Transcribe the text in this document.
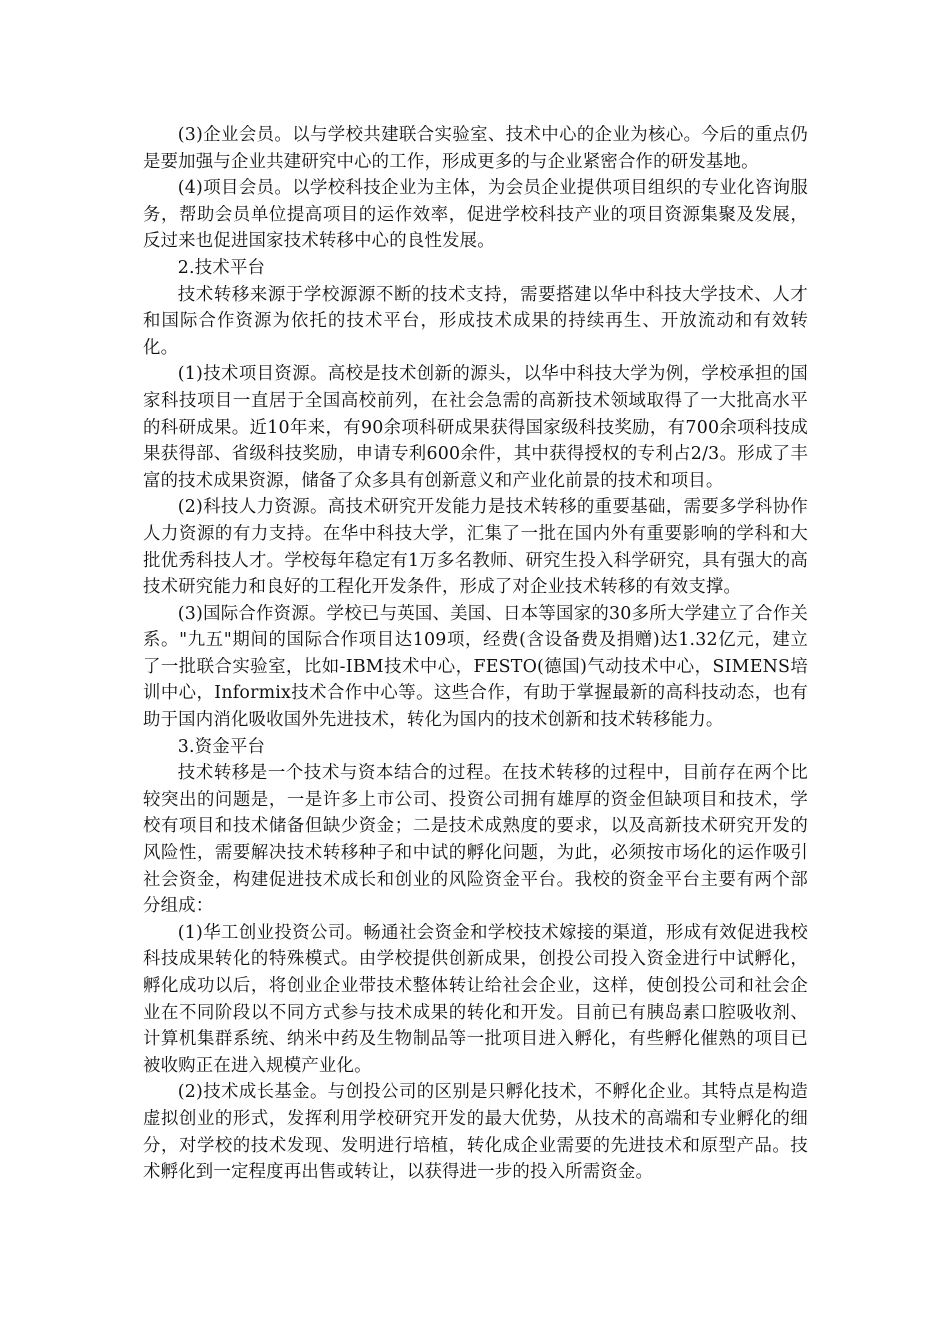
(3)企业会员。以与学校共建联合实验室、技术中心的企业为核心。今后的重点仍是要加强与企业共建研究中心的工作，形成更多的与企业紧密合作的研发基地。

(4)项目会员。以学校科技企业为主体，为会员企业提供项目组织的专业化咨询服务，帮助会员单位提高项目的运作效率，促进学校科技产业的项目资源集聚及发展，反过来也促进国家技术转移中心的良性发展。

2.技术平台

技术转移来源于学校源源不断的技术支持，需要搭建以华中科技大学技术、人才和国际合作资源为依托的技术平台，形成技术成果的持续再生、开放流动和有效转化。

(1)技术项目资源。高校是技术创新的源头，以华中科技大学为例，学校承担的国家科技项目一直居于全国高校前列，在社会急需的高新技术领域取得了一大批高水平的科研成果。近10年来，有90余项科研成果获得国家级科技奖励，有700余项科技成果获得部、省级科技奖励，申请专利600余件，其中获得授权的专利占2/3。形成了丰富的技术成果资源，储备了众多具有创新意义和产业化前景的技术和项目。

(2)科技人力资源。高技术研究开发能力是技术转移的重要基础，需要多学科协作人力资源的有力支持。在华中科技大学，汇集了一批在国内外有重要影响的学科和大批优秀科技人才。学校每年稳定有1万多名教师、研究生投入科学研究，具有强大的高技术研究能力和良好的工程化开发条件，形成了对企业技术转移的有效支撑。

(3)国际合作资源。学校已与英国、美国、日本等国家的30多所大学建立了合作关系。"九五"期间的国际合作项目达109项，经费(含设备费及捐赠)达1.32亿元，建立了一批联合实验室，比如-IBM技术中心，FESTO(德国)气动技术中心，SIMENS培训中心，Informix技术合作中心等。这些合作，有助于掌握最新的高科技动态，也有助于国内消化吸收国外先进技术，转化为国内的技术创新和技术转移能力。

3.资金平台

技术转移是一个技术与资本结合的过程。在技术转移的过程中，目前存在两个比较突出的问题是，一是许多上市公司、投资公司拥有雄厚的资金但缺项目和技术，学校有项目和技术储备但缺少资金；二是技术成熟度的要求，以及高新技术研究开发的风险性，需要解决技术转移种子和中试的孵化问题，为此，必须按市场化的运作吸引社会资金，构建促进技术成长和创业的风险资金平台。我校的资金平台主要有两个部分组成：

(1)华工创业投资公司。畅通社会资金和学校技术嫁接的渠道，形成有效促进我校科技成果转化的特殊模式。由学校提供创新成果，创投公司投入资金进行中试孵化，孵化成功以后，将创业企业带技术整体转让给社会企业，这样，使创投公司和社会企业在不同阶段以不同方式参与技术成果的转化和开发。目前已有胰岛素口腔吸收剂、计算机集群系统、纳米中药及生物制品等一批项目进入孵化，有些孵化催熟的项目已被收购正在进入规模产业化。

(2)技术成长基金。与创投公司的区别是只孵化技术，不孵化企业。其特点是构造虚拟创业的形式，发挥利用学校研究开发的最大优势，从技术的高端和专业孵化的细分，对学校的技术发现、发明进行培植，转化成企业需要的先进技术和原型产品。技术孵化到一定程度再出售或转让，以获得进一步的投入所需资金。
